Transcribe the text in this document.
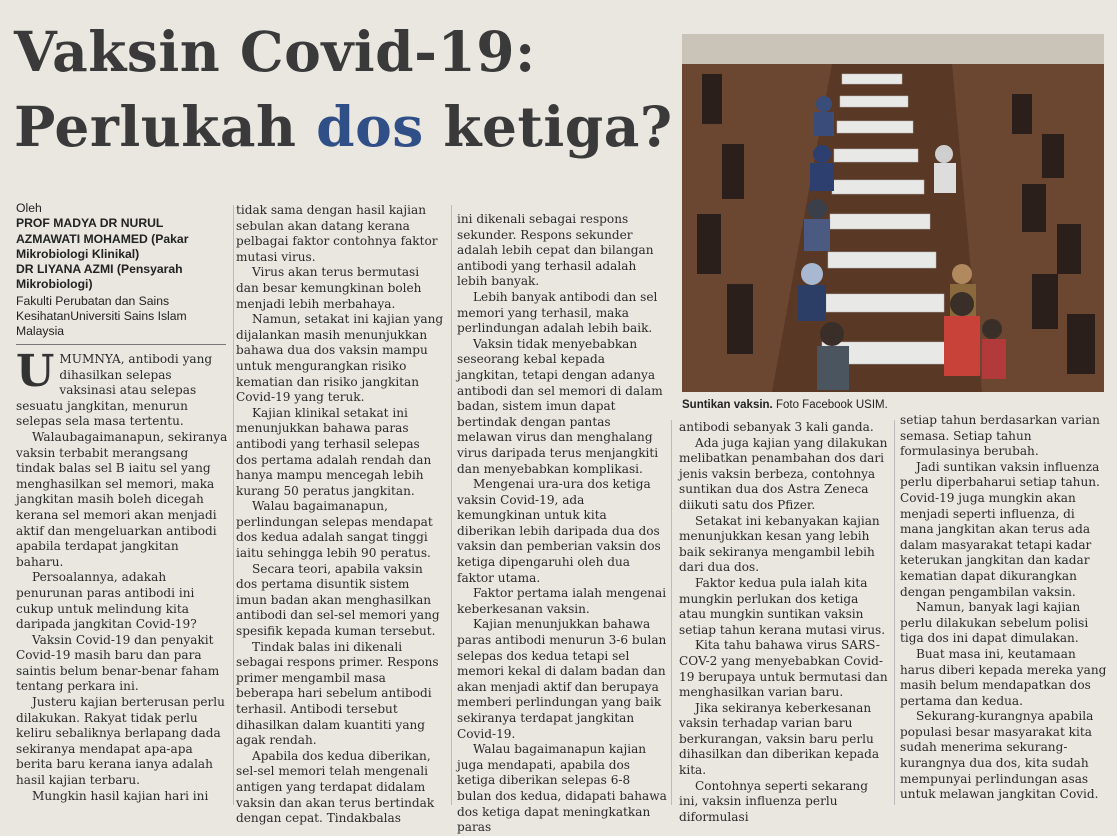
Vaksin Covid-19:
Perlukah dos ketiga?
Oleh
PROF MADYA DR NURUL AZMAWATI MOHAMED (Pakar Mikrobiologi Klinikal)
DR LIYANA AZMI (Pensyarah Mikrobiologi)
Fakulti Perubatan dan Sains KesihatanUniversiti Sains Islam Malaysia

UMUMNYA, antibodi yang dihasilkan selepas vaksinasi atau selepas sesuatu jangkitan, menurun selepas sela masa tertentu.

Walaubagaimanapun, sekiranya vaksin terbabit merangsang tindak balas sel B iaitu sel yang menghasilkan sel memori, maka jangkitan masih boleh dicegah kerana sel memori akan menjadi aktif dan mengeluarkan antibodi apabila terdapat jangkitan baharu.

Persoalannya, adakah penurunan paras antibodi ini cukup untuk melindung kita daripada jangkitan Covid-19?

Vaksin Covid-19 dan penyakit Covid-19 masih baru dan para saintis belum benar-benar faham tentang perkara ini.

Justeru kajian berterusan perlu dilakukan. Rakyat tidak perlu keliru sebaliknya berlapang dada sekiranya mendapat apa-apa berita baru kerana ianya adalah hasil kajian terbaru.

Mungkin hasil kajian hari ini

tidak sama dengan hasil kajian sebulan akan datang kerana pelbagai faktor contohnya faktor mutasi virus.

Virus akan terus bermutasi dan besar kemungkinan boleh menjadi lebih merbahaya.

Namun, setakat ini kajian yang dijalankan masih menunjukkan bahawa dua dos vaksin mampu untuk mengurangkan risiko kematian dan risiko jangkitan Covid-19 yang teruk.

Kajian klinikal setakat ini menunjukkan bahawa paras antibodi yang terhasil selepas dos pertama adalah rendah dan hanya mampu mencegah lebih kurang 50 peratus jangkitan.

Walau bagaimanapun, perlindungan selepas mendapat dos kedua adalah sangat tinggi iaitu sehingga lebih 90 peratus.

Secara teori, apabila vaksin dos pertama disuntik sistem imun badan akan menghasilkan antibodi dan sel-sel memori yang spesifik kepada kuman tersebut.

Tindak balas ini dikenali sebagai respons primer. Respons primer mengambil masa beberapa hari sebelum antibodi terhasil. Antibodi tersebut dihasilkan dalam kuantiti yang agak rendah.

Apabila dos kedua diberikan, sel-sel memori telah mengenali antigen yang terdapat didalam vaksin dan akan terus bertindak dengan cepat. Tindakbalas

ini dikenali sebagai respons sekunder. Respons sekunder adalah lebih cepat dan bilangan antibodi yang terhasil adalah lebih banyak.

Lebih banyak antibodi dan sel memori yang terhasil, maka perlindungan adalah lebih baik.

Vaksin tidak menyebabkan seseorang kebal kepada jangkitan, tetapi dengan adanya antibodi dan sel memori di dalam badan, sistem imun dapat bertindak dengan pantas melawan virus dan menghalang virus daripada terus menjangkiti dan menyebabkan komplikasi.

Mengenai ura-ura dos ketiga vaksin Covid-19, ada kemungkinan untuk kita diberikan lebih daripada dua dos vaksin dan pemberian vaksin dos ketiga dipengaruhi oleh dua faktor utama.

Faktor pertama ialah mengenai keberkesanan vaksin.

Kajian menunjukkan bahawa paras antibodi menurun 3-6 bulan selepas dos kedua tetapi sel memori kekal di dalam badan dan akan menjadi aktif dan berupaya memberi perlindungan yang baik sekiranya terdapat jangkitan Covid-19.

Walau bagaimanapun kajian juga mendapati, apabila dos ketiga diberikan selepas 6-8 bulan dos kedua, didapati bahawa dos ketiga dapat meningkatkan paras

Suntikan vaksin. Foto Facebook USIM.

antibodi sebanyak 3 kali ganda.

Ada juga kajian yang dilakukan melibatkan penambahan dos dari jenis vaksin berbeza, contohnya suntikan dua dos Astra Zeneca diikuti satu dos Pfizer.

Setakat ini kebanyakan kajian menunjukkan kesan yang lebih baik sekiranya mengambil lebih dari dua dos.

Faktor kedua pula ialah kita mungkin perlukan dos ketiga atau mungkin suntikan vaksin setiap tahun kerana mutasi virus.

Kita tahu bahawa virus SARS-COV-2 yang menyebabkan Covid-19 berupaya untuk bermutasi dan menghasilkan varian baru.

Jika sekiranya keberkesanan vaksin terhadap varian baru berkurangan, vaksin baru perlu dihasilkan dan diberikan kepada kita.

Contohnya seperti sekarang ini, vaksin influenza perlu diformulasi

setiap tahun berdasarkan varian semasa. Setiap tahun formulasinya berubah.

Jadi suntikan vaksin influenza perlu diperbaharui setiap tahun. Covid-19 juga mungkin akan menjadi seperti influenza, di mana jangkitan akan terus ada dalam masyarakat tetapi kadar keterukan jangkitan dan kadar kematian dapat dikurangkan dengan pengambilan vaksin.

Namun, banyak lagi kajian perlu dilakukan sebelum polisi tiga dos ini dapat dimulakan.

Buat masa ini, keutamaan harus diberi kepada mereka yang masih belum mendapatkan dos pertama dan kedua.

Sekurang-kurangnya apabila populasi besar masyarakat kita sudah menerima sekurang-kurangnya dua dos, kita sudah mempunyai perlindungan asas untuk melawan jangkitan Covid.
